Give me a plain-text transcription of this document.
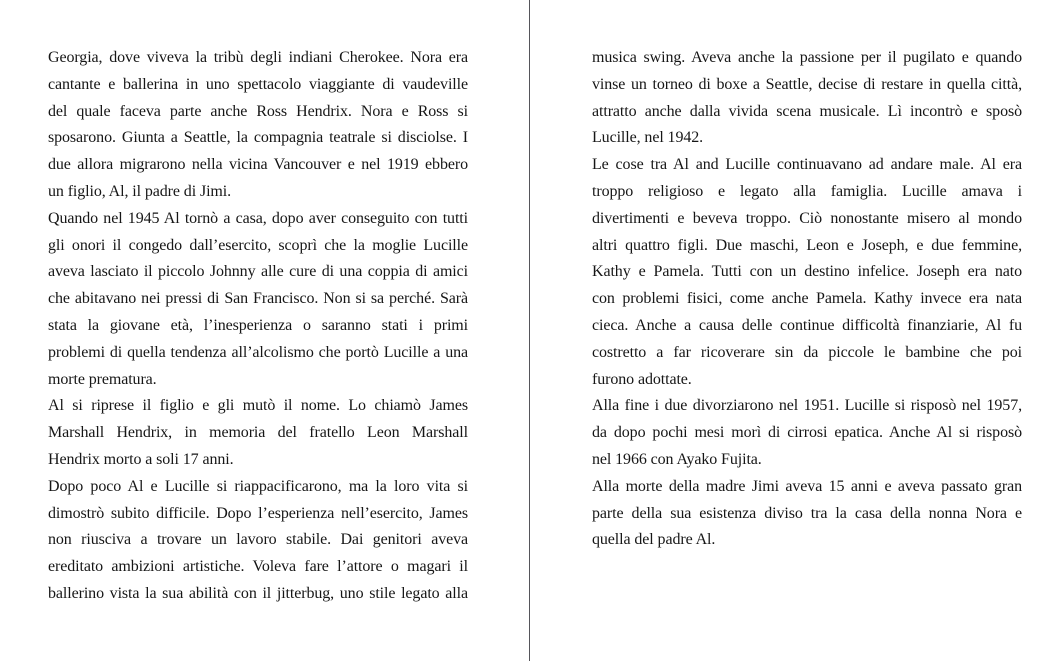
Georgia, dove viveva la tribù degli indiani Cherokee. Nora era
cantante e ballerina in uno spettacolo viaggiante di vaudeville
del quale faceva parte anche Ross Hendrix. Nora e Ross si
sposarono. Giunta a Seattle, la compagnia teatrale si disciolse. I
due allora migrarono nella vicina Vancouver e nel 1919 ebbero
un figlio, Al, il padre di Jimi.
Quando nel 1945 Al tornò a casa, dopo aver conseguito con tutti
gli onori il congedo dall’esercito, scoprì che la moglie Lucille
aveva lasciato il piccolo Johnny alle cure di una coppia di amici
che abitavano nei pressi di San Francisco. Non si sa perché. Sarà
stata la giovane età, l’inesperienza o saranno stati i primi
problemi di quella tendenza all’alcolismo che portò Lucille a una
morte prematura.
Al si riprese il figlio e gli mutò il nome. Lo chiamò James
Marshall Hendrix, in memoria del fratello Leon Marshall
Hendrix morto a soli 17 anni.
Dopo poco Al e Lucille si riappacificarono, ma la loro vita si
dimostrò subito difficile. Dopo l’esperienza nell’esercito, James
non riusciva a trovare un lavoro stabile. Dai genitori aveva
ereditato ambizioni artistiche. Voleva fare l’attore o magari il
ballerino vista la sua abilità con il jitterbug, uno stile legato alla
musica swing. Aveva anche la passione per il pugilato e quando
vinse un torneo di boxe a Seattle, decise di restare in quella città,
attratto anche dalla vivida scena musicale. Lì incontrò e sposò
Lucille, nel 1942.
Le cose tra Al and Lucille continuavano ad andare male. Al era
troppo religioso e legato alla famiglia. Lucille amava i
divertimenti e beveva troppo. Ciò nonostante misero al mondo
altri quattro figli. Due maschi, Leon e Joseph, e due femmine,
Kathy e Pamela. Tutti con un destino infelice. Joseph era nato
con problemi fisici, come anche Pamela. Kathy invece era nata
cieca. Anche a causa delle continue difficoltà finanziarie, Al fu
costretto a far ricoverare sin da piccole le bambine che poi
furono adottate.
Alla fine i due divorziarono nel 1951. Lucille si risposò nel 1957,
da dopo pochi mesi morì di cirrosi epatica. Anche Al si risposò
nel 1966 con Ayako Fujita.
Alla morte della madre Jimi aveva 15 anni e aveva passato gran
parte della sua esistenza diviso tra la casa della nonna Nora e
quella del padre Al.
